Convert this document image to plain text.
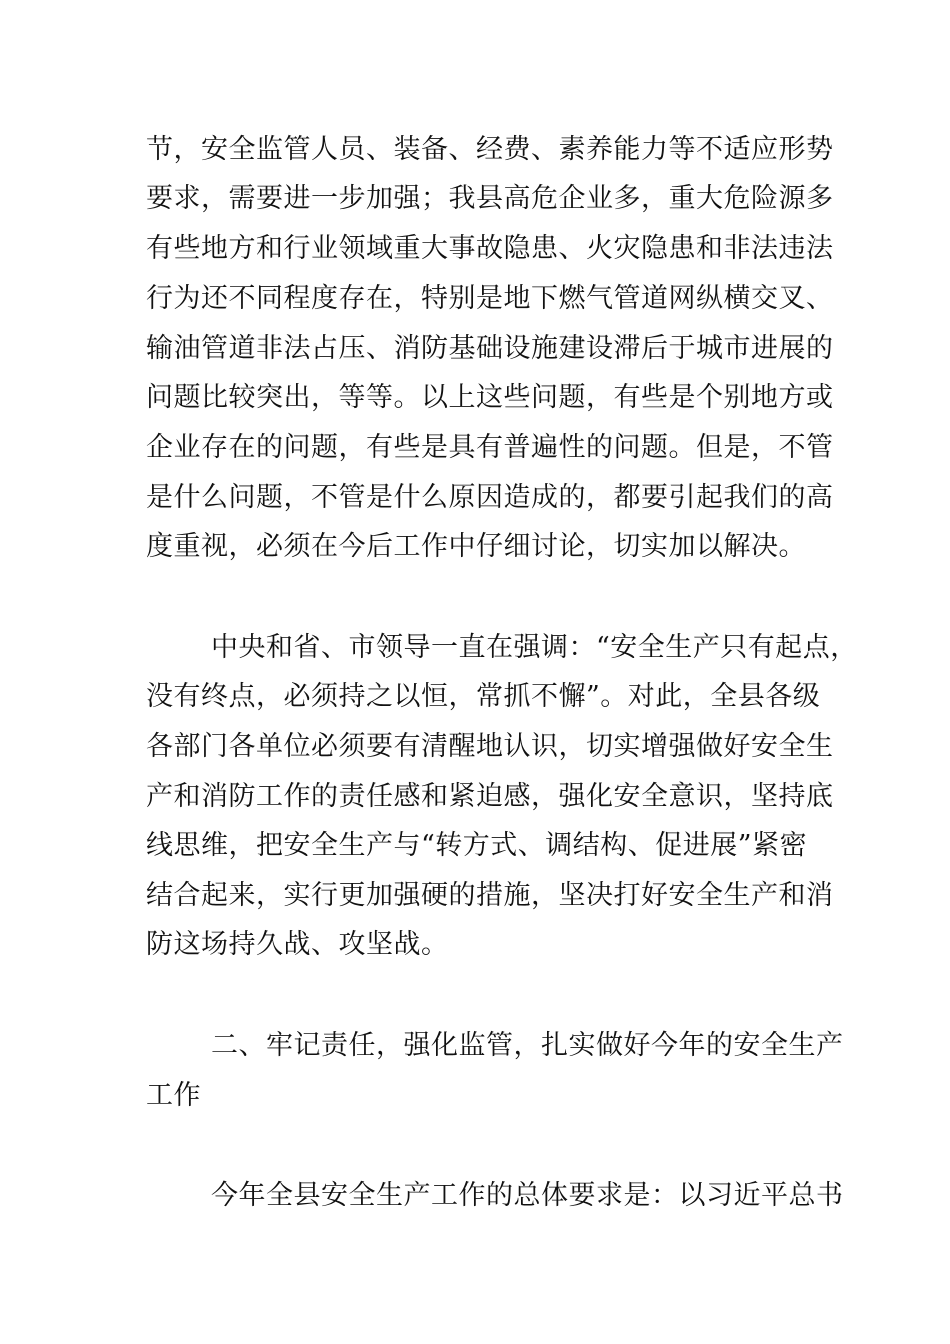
节，安全监管人员、装备、经费、素养能力等不适应形势
要求，需要进一步加强；我县高危企业多，重大危险源多
有些地方和行业领域重大事故隐患、火灾隐患和非法违法
行为还不同程度存在，特别是地下燃气管道网纵横交叉、
输油管道非法占压、消防基础设施建设滞后于城市进展的
问题比较突出，等等。以上这些问题，有些是个别地方或
企业存在的问题，有些是具有普遍性的问题。但是，不管
是什么问题，不管是什么原因造成的，都要引起我们的高
度重视，必须在今后工作中仔细讨论，切实加以解决。
中央和省、市领导一直在强调：“安全生产只有起点，
没有终点，必须持之以恒，常抓不懈”。对此，全县各级
各部门各单位必须要有清醒地认识，切实增强做好安全生
产和消防工作的责任感和紧迫感，强化安全意识，坚持底
线思维，把安全生产与“转方式、调结构、促进展”紧密
结合起来，实行更加强硬的措施，坚决打好安全生产和消
防这场持久战、攻坚战。
二、牢记责任，强化监管，扎实做好今年的安全生产
工作
今年全县安全生产工作的总体要求是：以习近平总书
